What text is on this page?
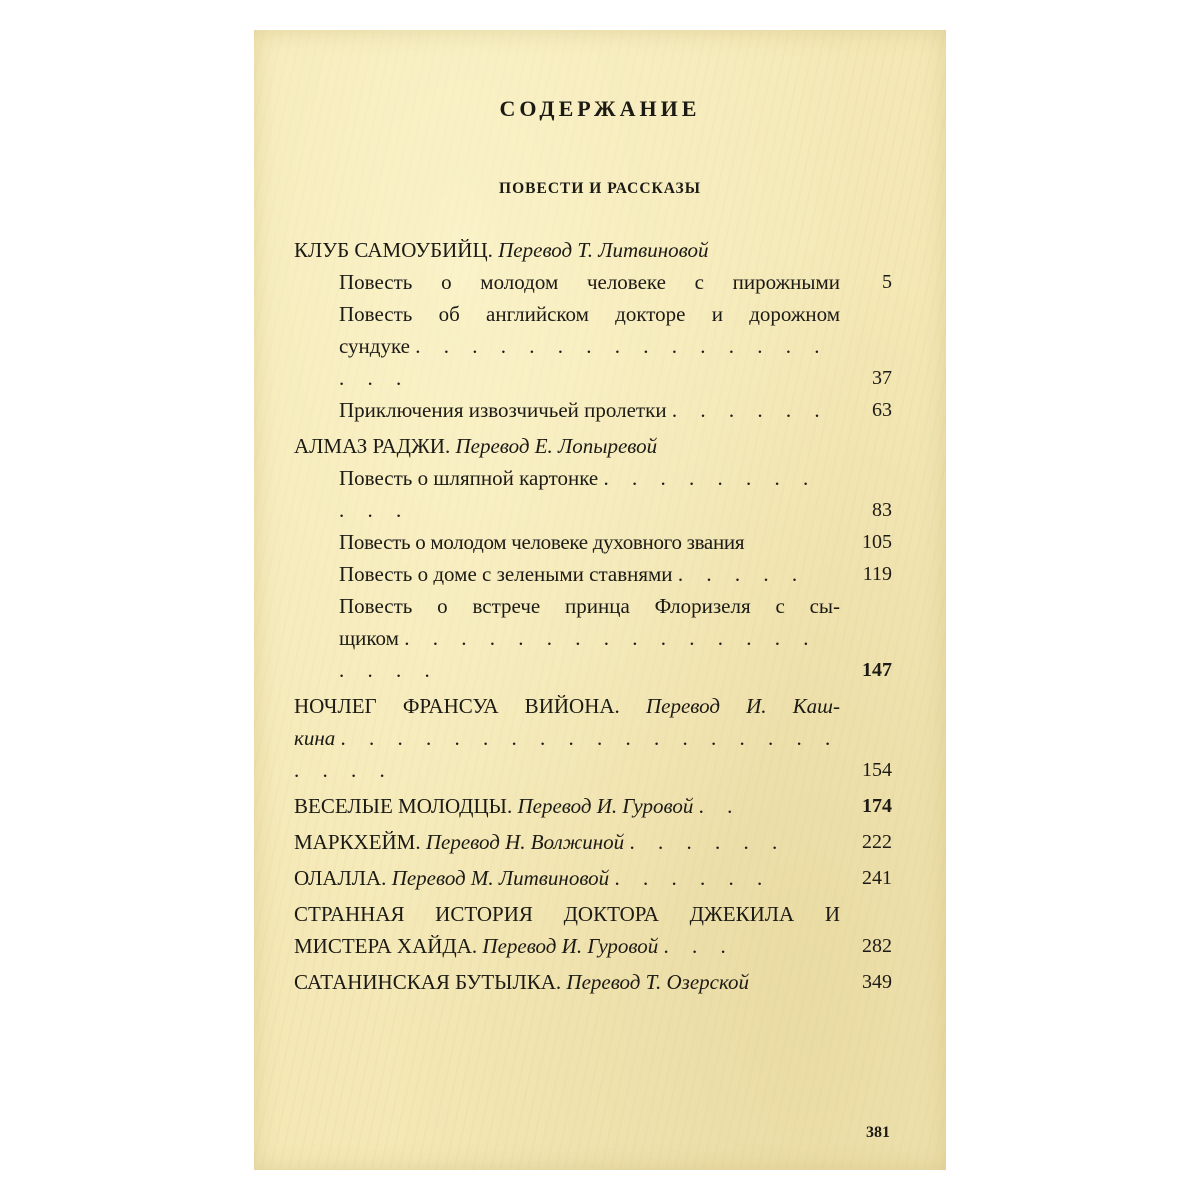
СОДЕРЖАНИЕ
ПОВЕСТИ И РАССКАЗЫ
КЛУБ САМОУБИЙЦ. Перевод Т. Литвиновой
Повесть о молодом человеке с пирожными	5
Повесть об английском докторе и дорожном
сундуке . . . . . . . . . . . . . . . . . .	37
Приключения извозчичьей пролетки . . . . . .	63
АЛМАЗ РАДЖИ. Перевод Е. Лопыревой
Повесть о шляпной картонке . . . . . . . . . . .	83
Повесть о молодом человеке духовного звания	105
Повесть о доме с зелеными ставнями . . . . .	119
Повесть о встрече принца Флоризеля с сы-
щиком . . . . . . . . . . . . . . . . . . .	147
НОЧЛЕГ ФРАНСУА ВИЙОНА. Перевод И. Каш-
кина . . . . . . . . . . . . . . . . . . . . . .	154
ВЕСЕЛЫЕ МОЛОДЦЫ. Перевод И. Гуровой . .	174
МАРКХЕЙМ. Перевод Н. Волжиной . . . . . .	222
ОЛАЛЛА. Перевод М. Литвиновой . . . . . .	241
СТРАННАЯ ИСТОРИЯ ДОКТОРА ДЖЕКИЛА И
МИСТЕРА ХАЙДА. Перевод И. Гуровой . . .	282
САТАНИНСКАЯ БУТЫЛКА. Перевод Т. Озерской	349
381
